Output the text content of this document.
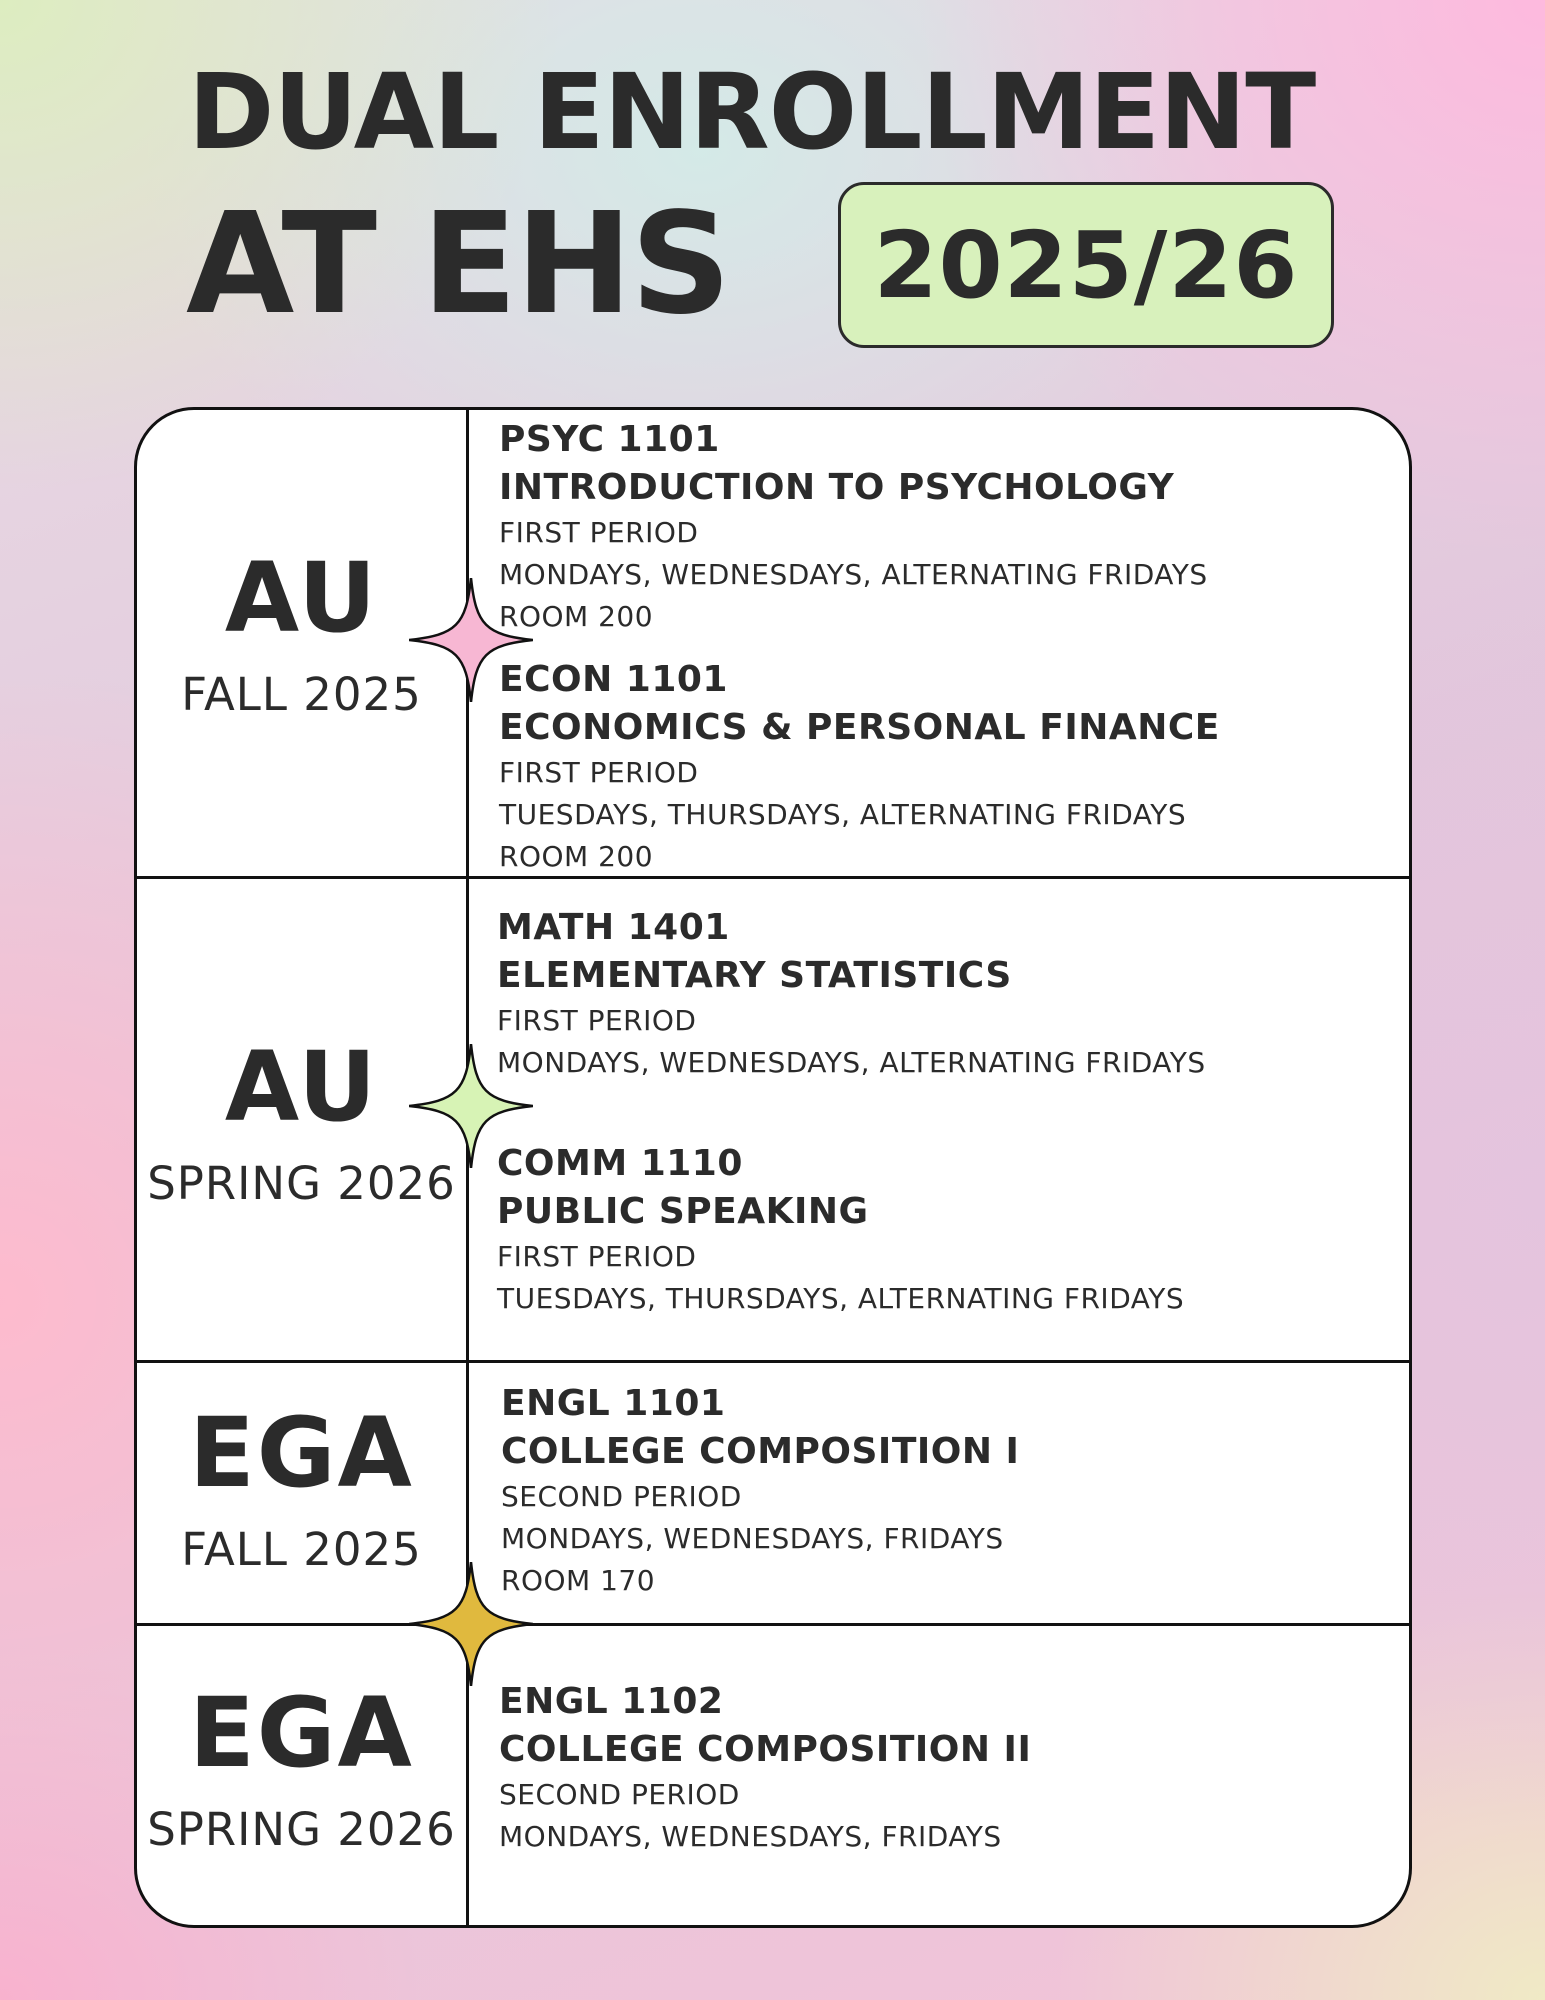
DUAL ENROLLMENT
AT EHS	2025/26
AU
FALL 2025
PSYC 1101
INTRODUCTION TO PSYCHOLOGY
FIRST PERIOD
MONDAYS, WEDNESDAYS, ALTERNATING FRIDAYS
ROOM 200
ECON 1101
ECONOMICS & PERSONAL FINANCE
FIRST PERIOD
TUESDAYS, THURSDAYS, ALTERNATING FRIDAYS
ROOM 200
AU
SPRING 2026
MATH 1401
ELEMENTARY STATISTICS
FIRST PERIOD
MONDAYS, WEDNESDAYS, ALTERNATING FRIDAYS
COMM 1110
PUBLIC SPEAKING
FIRST PERIOD
TUESDAYS, THURSDAYS, ALTERNATING FRIDAYS
EGA
FALL 2025
ENGL 1101
COLLEGE COMPOSITION I
SECOND PERIOD
MONDAYS, WEDNESDAYS, FRIDAYS
ROOM 170
EGA
SPRING 2026
ENGL 1102
COLLEGE COMPOSITION II
SECOND PERIOD
MONDAYS, WEDNESDAYS, FRIDAYS
